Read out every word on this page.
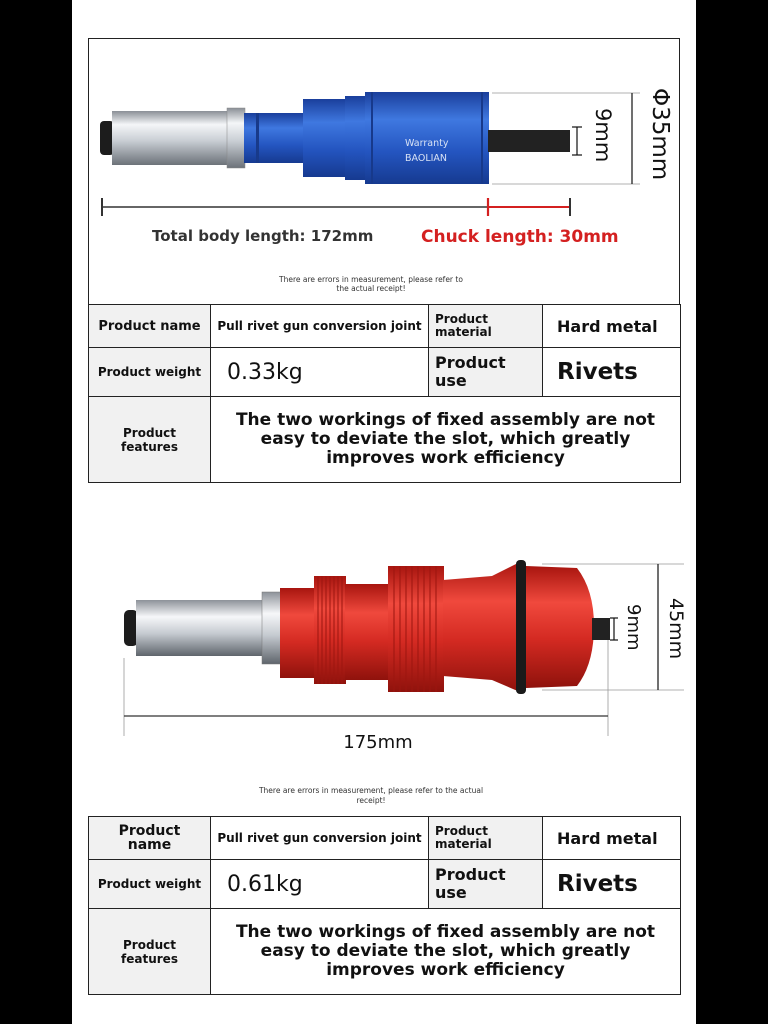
Warranty
BAOLIAN	9mm Φ35mm
Total body length: 172mm	Chuck length: 30mm
There are errors in measurement, please refer to
the actual receipt!
Product name	Pull rivet gun conversion joint	Product material	Hard metal
Product weight	0.33kg	Product use	Rivets
Product features	The two workings of fixed assembly are not easy to deviate the slot, which greatly improves work efficiency		
9mm 45mm
175mm
There are errors in measurement, please refer to the actual
receipt!
Product name	Pull rivet gun conversion joint	Product material	Hard metal
Product weight	0.61kg	Product use	Rivets
Product features	The two workings of fixed assembly are not easy to deviate the slot, which greatly improves work efficiency		
